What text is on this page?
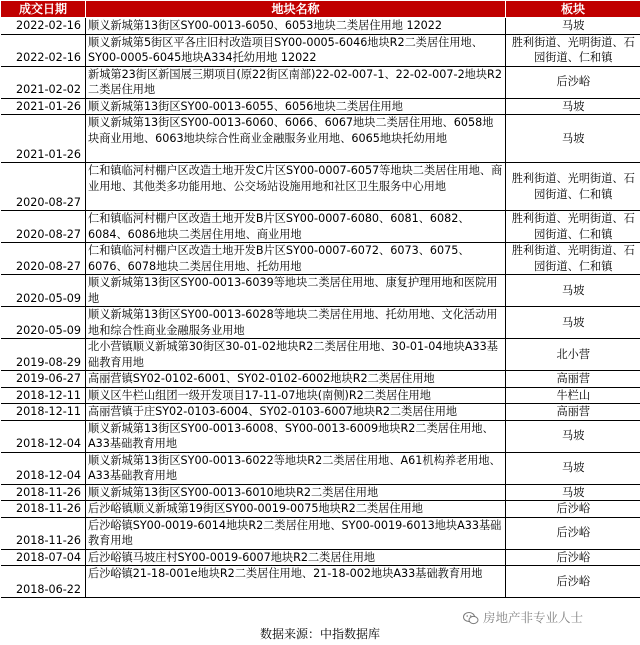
成交日期	地块名称	板块
2022-02-16	顺义新城第13街区SY00-0013-6050、6053地块二类居住用地 12022	马坡
2022-02-16	顺义新城第5街区平各庄旧村改造项目SY00-0005-6046地块R2二类居住用地、SY00-0005-6045地块A334托幼用地 12022	胜利街道、光明街道、石园街道、仁和镇
2021-02-02	新城第23街区新国展三期项目(原22街区南部)22-02-007-1、22-02-007-2地块R2二类居住用地	后沙峪
2021-01-26	顺义新城第13街区SY00-0013-6055、6056地块二类居住用地	马坡
2021-01-26	顺义新城第13街区SY00-0013-6060、6066、6067地块二类居住用地、6058地块商业用地、6063地块综合性商业金融服务业用地、6065地块托幼用地	马坡
2020-08-27	仁和镇临河村棚户区改造土地开发C片区SY00-0007-6057等地块二类居住用地、商业用地、其他类多功能用地、公交场站设施用地和社区卫生服务中心用地	胜利街道、光明街道、石园街道、仁和镇
2020-08-27	仁和镇临河村棚户区改造土地开发B片区SY00-0007-6080、6081、6082、6084、6086地块二类居住用地、商业用地	胜利街道、光明街道、石园街道、仁和镇
2020-08-27	仁和镇临河村棚户区改造土地开发B片区SY00-0007-6072、6073、6075、6076、6078地块二类居住用地、托幼用地	胜利街道、光明街道、石园街道、仁和镇
2020-05-09	顺义新城第13街区SY00-0013-6039等地块二类居住用地、康复护理用地和医院用地	马坡
2020-05-09	顺义新城第13街区SY00-0013-6028等地块二类居住用地、托幼用地、文化活动用地和综合性商业金融服务业用地	马坡
2019-08-29	北小营镇顺义新城第30街区30-01-02地块R2二类居住用地、30-01-04地块A33基础教育用地	北小营
2019-06-27	高丽营镇SY02-0102-6001、SY02-0102-6002地块R2二类居住用地	高丽营
2018-12-11	顺义区牛栏山组团一级开发项目17-11-07地块(南侧)R2二类居住用地	牛栏山
2018-12-11	高丽营镇于庄SY02-0103-6004、SY02-0103-6007地块R2二类居住用地	高丽营
2018-12-04	顺义新城第13街区SY00-0013-6008、SY00-0013-6009地块R2二类居住用地、A33基础教育用地	马坡
2018-12-04	顺义新城第13街区SY00-0013-6022等地块R2二类居住用地、A61机构养老用地、A33基础教育用地	马坡
2018-11-26	顺义新城第13街区SY00-0013-6010地块R2二类居住用地	马坡
2018-11-26	后沙峪镇顺义新城第19街区SY00-0019-0075地块R2二类居住用地	后沙峪
2018-11-26	后沙峪镇SY00-0019-6014地块R2二类居住用地、SY00-0019-6013地块A33基础教育用地	后沙峪
2018-07-04	后沙峪镇马坡庄村SY00-0019-6007地块R2二类居住用地	后沙峪
2018-06-22	后沙峪镇21-18-001e地块R2二类居住用地、21-18-002地块A33基础教育用地	后沙峪
数据来源：中指数据库
房地产非专业人士
